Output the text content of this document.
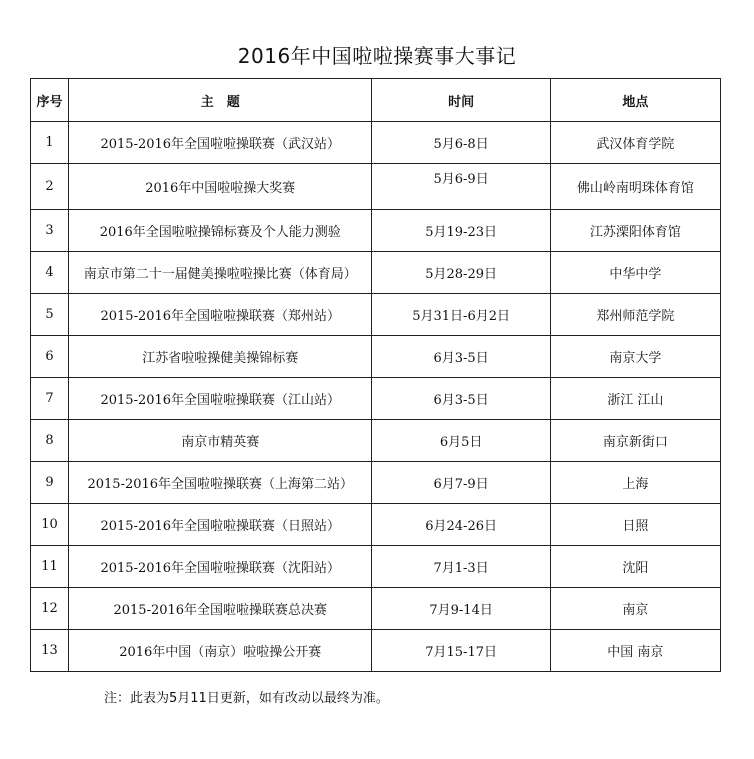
2016年中国啦啦操赛事大事记
序号	主　题	时间	地点
1	2015-2016年全国啦啦操联赛（武汉站）	5月6-8日	武汉体育学院
2	2016年中国啦啦操大奖赛	5月6-9日	佛山岭南明珠体育馆
3	2016年全国啦啦操锦标赛及个人能力测验	5月19-23日	江苏溧阳体育馆
4	南京市第二十一届健美操啦啦操比赛（体育局）	5月28-29日	中华中学
5	2015-2016年全国啦啦操联赛（郑州站）	5月31日-6月2日	郑州师范学院
6	江苏省啦啦操健美操锦标赛	6月3-5日	南京大学
7	2015-2016年全国啦啦操联赛（江山站）	6月3-5日	浙江 江山
8	南京市精英赛	6月5日	南京新街口
9	2015-2016年全国啦啦操联赛（上海第二站）	6月7-9日	上海
10	2015-2016年全国啦啦操联赛（日照站）	6月24-26日	日照
11	2015-2016年全国啦啦操联赛（沈阳站）	7月1-3日	沈阳
12	2015-2016年全国啦啦操联赛总决赛	7月9-14日	南京
13	2016年中国（南京）啦啦操公开赛	7月15-17日	中国 南京
注：此表为5月11日更新，如有改动以最终为准。
